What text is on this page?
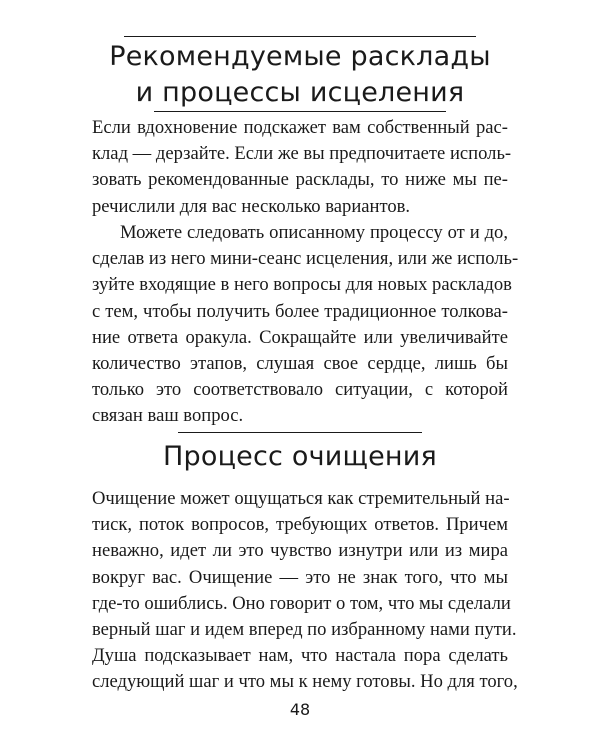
Рекомендуемые расклады
и процессы исцеления
Если вдохновение подскажет вам собственный рас-
клад — дерзайте. Если же вы предпочитаете исполь-
зовать рекомендованные расклады, то ниже мы пе-
речислили для вас несколько вариантов.
Можете следовать описанному процессу от и до,
сделав из него мини-сеанс исцеления, или же исполь-
зуйте входящие в него вопросы для новых раскладов
с тем, чтобы получить более традиционное толкова-
ние ответа оракула. Сокращайте или увеличивайте
количество этапов, слушая свое сердце, лишь бы
только это соответствовало ситуации, с которой
связан ваш вопрос.
Процесс очищения
Очищение может ощущаться как стремительный на-
тиск, поток вопросов, требующих ответов. Причем
неважно, идет ли это чувство изнутри или из мира
вокруг вас. Очищение — это не знак того, что мы
где-то ошиблись. Оно говорит о том, что мы сделали
верный шаг и идем вперед по избранному нами пути.
Душа подсказывает нам, что настала пора сделать
следующий шаг и что мы к нему готовы. Но для того,
48
